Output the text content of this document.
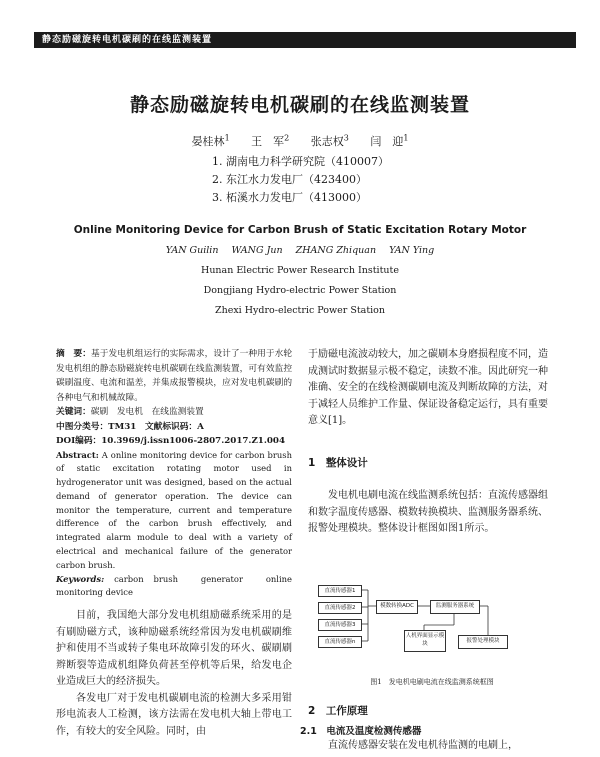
静态励磁旋转电机碳刷的在线监测装置
静态励磁旋转电机碳刷的在线监测装置
晏桂林$^1$ 王　军$^2$ 张志权$^3$ 闫　迎$^1$
1. 湖南电力科学研究院（410007）
2. 东江水力发电厂（423400）
3. 柘溪水力发电厂（413000）
Online Monitoring Device for Carbon Brush of Static Excitation Rotary Motor
YAN Guilin WANG Jun ZHANG Zhiquan YAN Ying
Hunan Electric Power Research Institute
Dongjiang Hydro-electric Power Station
Zhexi Hydro-electric Power Station

摘　要：基于发电机组运行的实际需求，设计了一种用于水轮发电机组的静态励磁旋转电机碳刷在线监测装置，可有效监控碳刷温度、电流和温差，并集成报警模块，应对发电机碳刷的各种电气和机械故障。

关键词：碳刷　发电机　在线监测装置

中图分类号：TM31　 文献标识码：A

DOI编码：10.3969/j.issn1006-2807.2017.Z1.004

Abstract: A online monitoring device for carbon brush of static excitation rotating motor used in hydrogenerator unit was designed, based on the actual demand of generator operation. The device can monitor the temperature, current and temperature difference of the carbon brush effectively, and integrated alarm module to deal with a variety of electrical and mechanical failure of the generator carbon brush.

Keywords: carbon brush　generator　online monitoring device

目前，我国绝大部分发电机组励磁系统采用的是有刷励磁方式，该种励磁系统经常因为发电机碳刷维护和使用不当或转子集电环故障引发的环火、碳刷刷辫断裂等造成机组降负荷甚至停机等后果，给发电企业造成巨大的经济损失。
各发电厂对于发电机碳刷电流的检测大多采用钳形电流表人工检测，该方法需在发电机大轴上带电工作，有较大的安全风险。同时，由
于励磁电流波动较大，加之碳刷本身磨损程度不同，造成测试时数据显示极不稳定，读数不准。因此研究一种准确、安全的在线检测碳刷电流及判断故障的方法，对于减轻人员维护工作量、保证设备稳定运行，具有重要意义[1]。
1　 整体设计
发电机电刷电流在线监测系统包括：直流传感器组和数字温度传感器、模数转换模块、监测服务器系统、报警处理模块。整体设计框图如图1所示。
直流传感器1
直流传感器2
直流传感器3
直流传感器n
模数转换ADC	监测服务器系统
人机界面显示模块	报警处理模块
图1　发电机电刷电流在线监测系统框图
2　 工作原理
2.1　 电流及温度检测传感器
直流传感器安装在发电机待监测的电刷上，
